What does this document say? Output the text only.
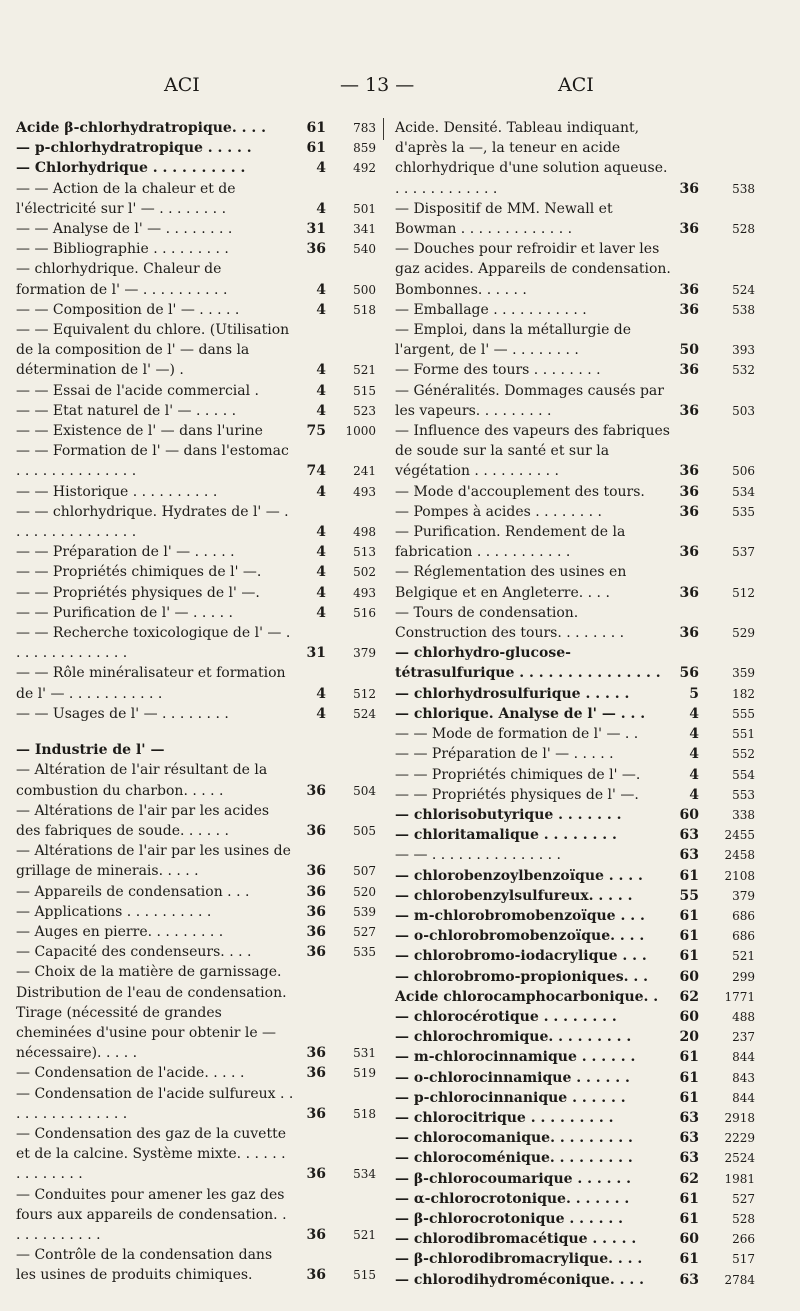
ACI	— 13 —	ACI
Acide β-chlorhydratropique. . . .	61	783
— p-chlorhydratropique . . . . .	61	859
— Chlorhydrique . . . . . . . . . .	4	492
— — Action de la chaleur et de l'électricité sur l' — . . . . . . . .	4	501
— — Analyse de l' — . . . . . . . .	31	341
— — Bibliographie . . . . . . . . .	36	540
— chlorhydrique. Chaleur de formation de l' — . . . . . . . . . .	4	500
— — Composition de l' — . . . . .	4	518
— — Equivalent du chlore. (Utilisation de la composition de l' — dans la détermination de l' —) .	4	521
— — Essai de l'acide commercial .	4	515
— — Etat naturel de l' — . . . . .	4	523
— — Existence de l' — dans l'urine	75	1000
— — Formation de l' — dans l'estomac . . . . . . . . . . . . . .	74	241
— — Historique . . . . . . . . . .	4	493
— — chlorhydrique. Hydrates de l' — . . . . . . . . . . . . . . .	4	498
— — Préparation de l' — . . . . .	4	513
— — Propriétés chimiques de l' —.	4	502
— — Propriétés physiques de l' —.	4	493
— — Purification de l' — . . . . .	4	516
— — Recherche toxicologique de l' — . . . . . . . . . . . . . .	31	379
— — Rôle minéralisateur et formation de l' — . . . . . . . . . . .	4	512
— — Usages de l' — . . . . . . . .	4	524
— Industrie de l' —
— Altération de l'air résultant de la combustion du charbon. . . . .	36	504
— Altérations de l'air par les acides des fabriques de soude. . . . . .	36	505
— Altérations de l'air par les usines de grillage de minerais. . . . .	36	507
— Appareils de condensation . . .	36	520
— Applications . . . . . . . . . .	36	539
— Auges en pierre. . . . . . . . .	36	527
— Capacité des condenseurs. . . .	36	535
— Choix de la matière de garnissage. Distribution de l'eau de condensation. Tirage (nécessité de grandes cheminées d'usine pour obtenir le — nécessaire). . . . .	36	531
— Condensation de l'acide. . . . .	36	519
— Condensation de l'acide sulfureux . . . . . . . . . . . . . . .	36	518
— Condensation des gaz de la cuvette et de la calcine. Système mixte. . . . . . . . . . . . . .	36	534
— Conduites pour amener les gaz des fours aux appareils de condensation. . . . . . . . . . . .	36	521
— Contrôle de la condensation dans les usines de produits chimiques.	36	515
Acide. Densité. Tableau indiquant, d'après la —, la teneur en acide chlorhydrique d'une solution aqueuse. . . . . . . . . . . . .	36	538
— Dispositif de MM. Newall et Bowman . . . . . . . . . . . . .	36	528
— Douches pour refroidir et laver les gaz acides. Appareils de condensation. Bombonnes. . . . . .	36	524
— Emballage . . . . . . . . . . .	36	538
— Emploi, dans la métallurgie de l'argent, de l' — . . . . . . . .	50	393
— Forme des tours . . . . . . . .	36	532
— Généralités. Dommages causés par les vapeurs. . . . . . . . .	36	503
— Influence des vapeurs des fabriques de soude sur la santé et sur la végétation . . . . . . . . . .	36	506
— Mode d'accouplement des tours. 36	534
— Pompes à acides . . . . . . . .	36	535
— Purification. Rendement de la fabrication . . . . . . . . . . .	36	537
— Réglementation des usines en Belgique et en Angleterre. . . .	36	512
— Tours de condensation. Construction des tours. . . . . . . .	36	529
— chlorhydro-glucose-tétrasulfurique . . . . . . . . . . . . . . . 56	359
— chlorhydrosulfurique . . . . .	5	182
— chlorique. Analyse de l' — . . .	4	555
— — Mode de formation de l' — . .	4	551
— — Préparation de l' — . . . . .	4	552
— — Propriétés chimiques de l' —.	4	554
— — Propriétés physiques de l' —.	4	553
— chlorisobutyrique . . . . . . .	60	338
— chloritamalique . . . . . . . .	63	2455
— — . . . . . . . . . . . . . . .	63	2458
— chlorobenzoylbenzoïque . . . .	61	2108
— chlorobenzylsulfureux. . . . .	55	379
— m-chlorobromobenzoïque . . . 61	686
— o-chlorobromobenzoïque. . . .	61	686
— chlorobromo-iodacrylique . . . 61	521
— chlorobromo-propioniques. . . 60	299
Acide chlorocamphocarbonique. . 62	1771
— chlorocérotique . . . . . . . .	60	488
— chlorochromique. . . . . . . . .	20	237
— m-chlorocinnamique . . . . . .	61	844
— o-chlorocinnamique . . . . . .	61	843
— p-chlorocinnanique . . . . . .	61	844
— chlorocitrique . . . . . . . . .	63	2918
— chlorocomanique. . . . . . . . .	63	2229
— chlorocoménique. . . . . . . . .	63	2524
— β-chlorocoumarique . . . . . .	62	1981
— α-chlorocrotonique. . . . . . .	61	527
— β-chlorocrotonique . . . . . .	61	528
— chlorodibromacétique . . . . .	60	266
— β-chlorodibromacrylique. . . .	61	517
— chlorodihydroméconique. . . .	63	2784
